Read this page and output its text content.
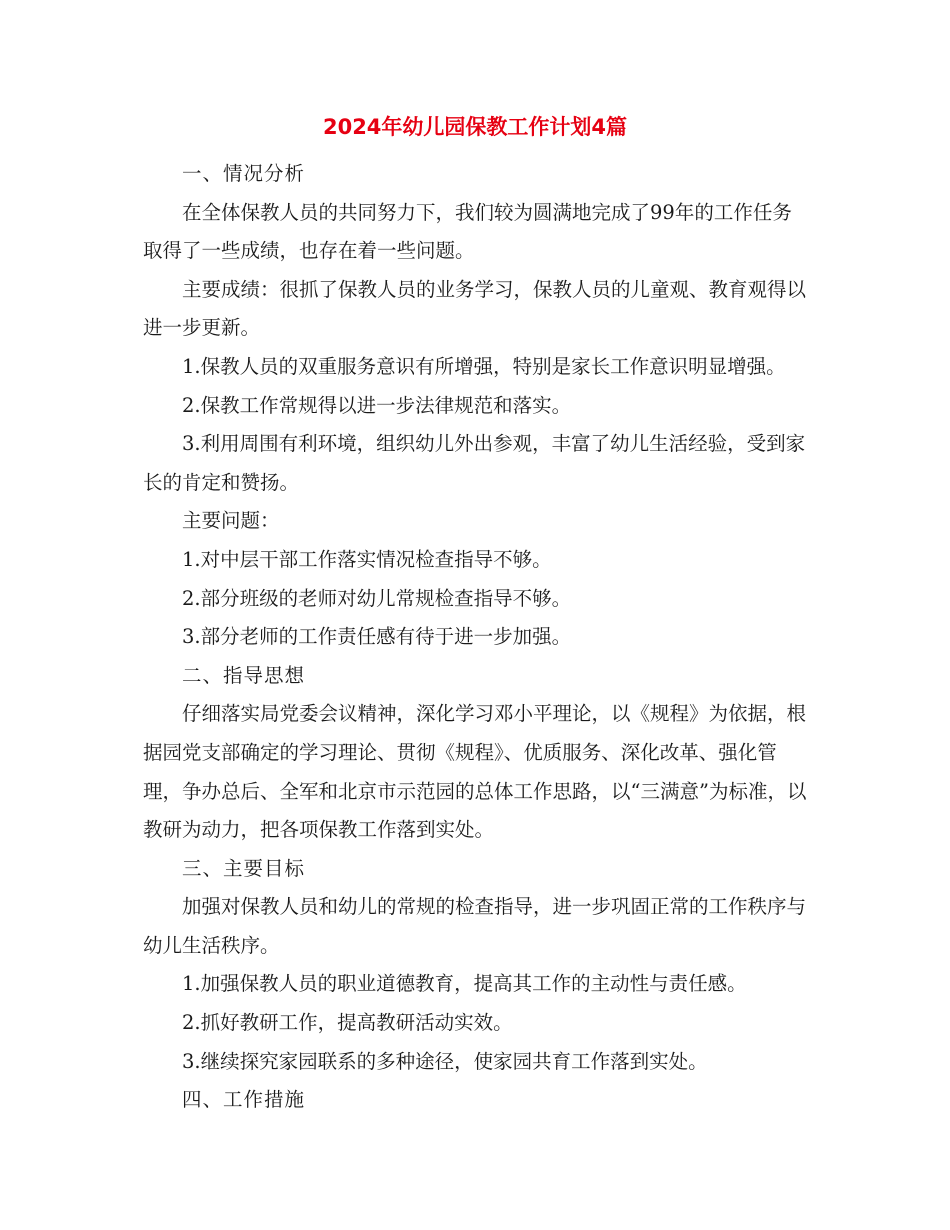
2024年幼儿园保教工作计划4篇

一、情况分析

在全体保教人员的共同努力下，我们较为圆满地完成了99年的工作任务取得了一些成绩，也存在着一些问题。

主要成绩：很抓了保教人员的业务学习，保教人员的儿童观、教育观得以进一步更新。

1.保教人员的双重服务意识有所增强，特别是家长工作意识明显增强。

2.保教工作常规得以进一步法律规范和落实。

3.利用周围有利环境，组织幼儿外出参观，丰富了幼儿生活经验，受到家长的肯定和赞扬。

主要问题：

1.对中层干部工作落实情况检查指导不够。

2.部分班级的老师对幼儿常规检查指导不够。

3.部分老师的工作责任感有待于进一步加强。

二、指导思想

仔细落实局党委会议精神，深化学习邓小平理论，以《规程》为依据，根据园党支部确定的学习理论、贯彻《规程》、优质服务、深化改革、强化管理，争办总后、全军和北京市示范园的总体工作思路，以“三满意”为标准，以教研为动力，把各项保教工作落到实处。

三、主要目标

加强对保教人员和幼儿的常规的检查指导，进一步巩固正常的工作秩序与幼儿生活秩序。

1.加强保教人员的职业道德教育，提高其工作的主动性与责任感。

2.抓好教研工作，提高教研活动实效。

3.继续探究家园联系的多种途径，使家园共育工作落到实处。

四、工作措施
